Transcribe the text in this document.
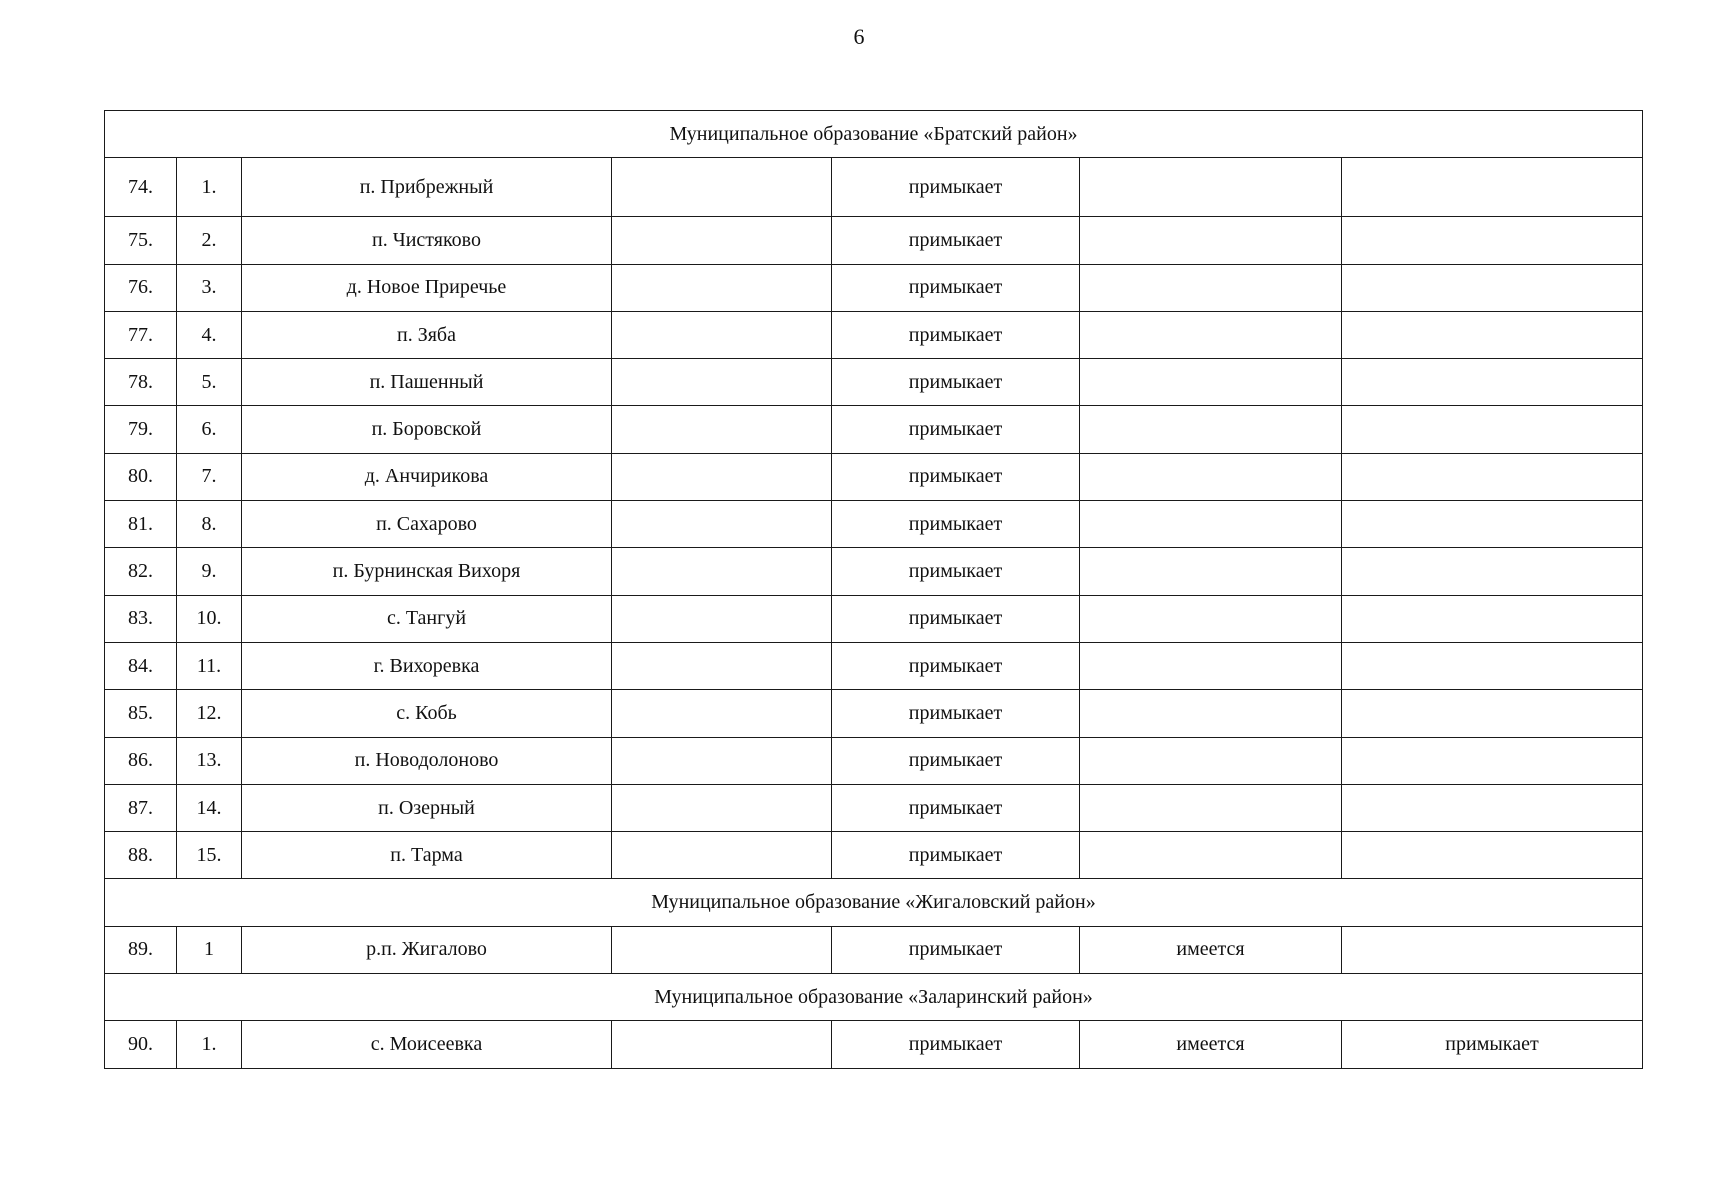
6
Муниципальное образование «Братский район»						
74.	1.	п. Прибрежный		примыкает		
75.	2.	п. Чистяково		примыкает		
76.	3.	д. Новое Приречье		примыкает		
77.	4.	п. Зяба		примыкает		
78.	5.	п. Пашенный		примыкает		
79.	6.	п. Боровской		примыкает		
80.	7.	д. Анчирикова		примыкает		
81.	8.	п. Сахарово		примыкает		
82.	9.	п. Бурнинская Вихоря		примыкает		
83.	10.	с. Тангуй		примыкает		
84.	11.	г. Вихоревка		примыкает		
85.	12.	с. Кобь		примыкает		
86.	13.	п. Новодолоново		примыкает		
87.	14.	п. Озерный		примыкает		
88.	15.	п. Тарма		примыкает		
Муниципальное образование «Жигаловский район»						
89.	1	р.п. Жигалово		примыкает	имеется	
Муниципальное образование «Заларинский район»						
90.	1.	с. Моисеевка		примыкает	имеется	примыкает
